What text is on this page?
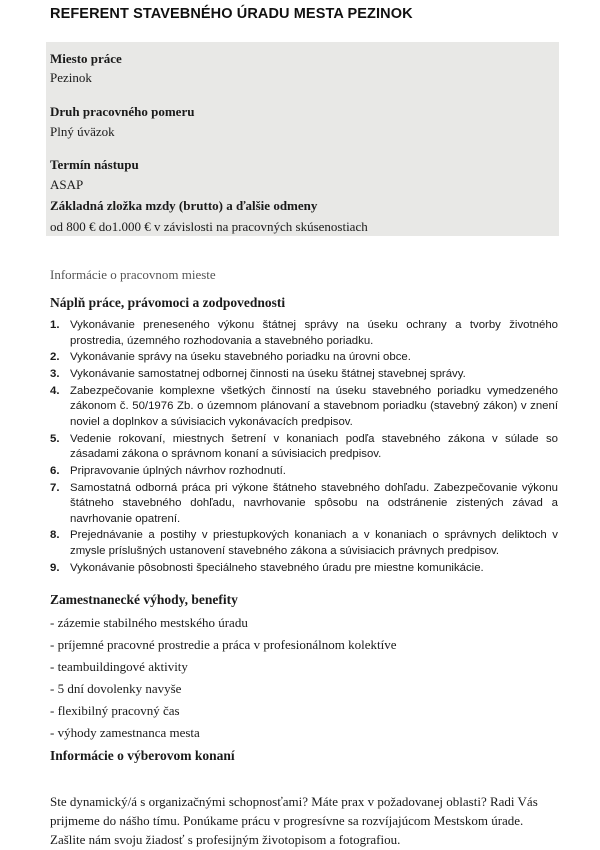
REFERENT STAVEBNÉHO ÚRADU MESTA PEZINOK
Miesto práce
Pezinok
Druh pracovného pomeru
Plný úväzok
Termín nástupu
ASAP
Základná zložka mzdy (brutto) a ďalšie odmeny
od 800 € do1.000 € v závislosti na pracovných skúsenostiach
Informácie o pracovnom mieste
Náplň práce, právomoci a zodpovednosti
1. Vykonávanie preneseného výkonu štátnej správy na úseku ochrany a tvorby životného prostredia, územného rozhodovania a stavebného poriadku.
2. Vykonávanie správy na úseku stavebného poriadku na úrovni obce.
3. Vykonávanie samostatnej odbornej činnosti na úseku štátnej stavebnej správy.
4. Zabezpečovanie komplexne všetkých činností na úseku stavebného poriadku vymedzeného zákonom č. 50/1976 Zb. o územnom plánovaní a stavebnom poriadku (stavebný zákon) v znení noviel a doplnkov a súvisiacich vykonávacích predpisov.
5. Vedenie rokovaní, miestnych šetrení v konaniach podľa stavebného zákona v súlade so zásadami zákona o správnom konaní a súvisiacich predpisov.
6. Pripravovanie úplných návrhov rozhodnutí.
7. Samostatná odborná práca pri výkone štátneho stavebného dohľadu. Zabezpečovanie výkonu štátneho stavebného dohľadu, navrhovanie spôsobu na odstránenie zistených závad a navrhovanie opatrení.
8. Prejednávanie a postihy v priestupkových konaniach a v konaniach o správnych deliktoch v zmysle príslušných ustanovení stavebného zákona a súvisiacich právnych predpisov.
9. Vykonávanie pôsobnosti špeciálneho stavebného úradu pre miestne komunikácie.
Zamestnanecké výhody, benefity
- zázemie stabilného mestského úradu
- príjemné pracovné prostredie a práca v profesionálnom kolektíve
- teambuildingové aktivity
- 5 dní dovolenky navyše
- flexibilný pracovný čas
- výhody zamestnanca mesta
Informácie o výberovom konaní
Ste dynamický/á s organizačnými schopnosťami? Máte prax v požadovanej oblasti? Radi Vás
prijmeme do nášho tímu. Ponúkame prácu v progresívne sa rozvíjajúcom Mestskom úrade.
Zašlite nám svoju žiadosť s profesijným životopisom a fotografiou.
